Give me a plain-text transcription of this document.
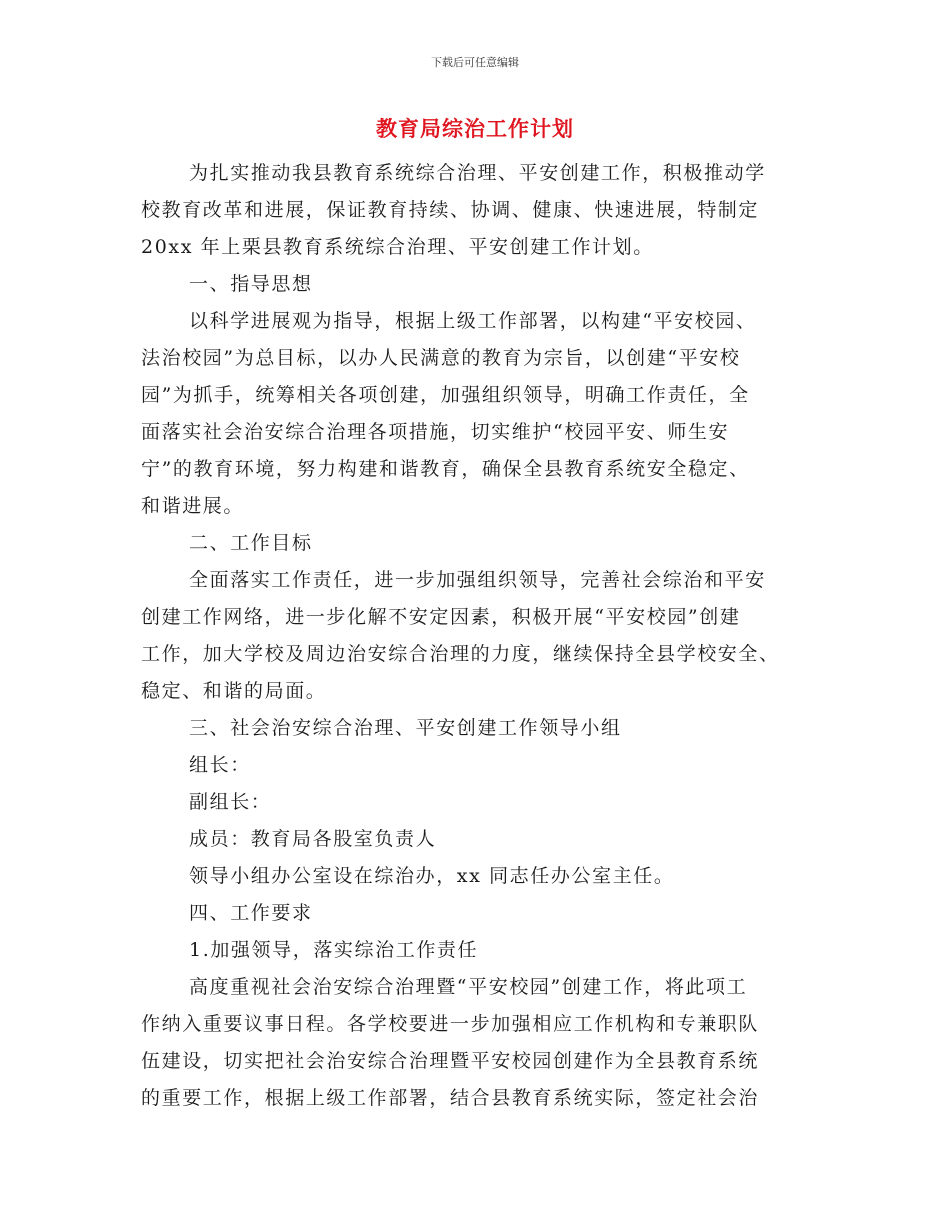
下载后可任意编辑
教育局综治工作计划
为扎实推动我县教育系统综合治理、平安创建工作，积极推动学
校教育改革和进展，保证教育持续、协调、健康、快速进展，特制定
20xx 年上栗县教育系统综合治理、平安创建工作计划。
一、指导思想
以科学进展观为指导，根据上级工作部署，以构建“平安校园、
法治校园”为总目标，以办人民满意的教育为宗旨，以创建“平安校
园”为抓手，统筹相关各项创建，加强组织领导，明确工作责任，全
面落实社会治安综合治理各项措施，切实维护“校园平安、师生安
宁”的教育环境，努力构建和谐教育，确保全县教育系统安全稳定、
和谐进展。
二、工作目标
全面落实工作责任，进一步加强组织领导，完善社会综治和平安
创建工作网络，进一步化解不安定因素，积极开展“平安校园”创建
工作，加大学校及周边治安综合治理的力度，继续保持全县学校安全、
稳定、和谐的局面。
三、社会治安综合治理、平安创建工作领导小组
组长：
副组长：
成员：教育局各股室负责人
领导小组办公室设在综治办，xx 同志任办公室主任。
四、工作要求
1.加强领导，落实综治工作责任
高度重视社会治安综合治理暨“平安校园”创建工作，将此项工
作纳入重要议事日程。各学校要进一步加强相应工作机构和专兼职队
伍建设，切实把社会治安综合治理暨平安校园创建作为全县教育系统
的重要工作，根据上级工作部署，结合县教育系统实际，签定社会治
